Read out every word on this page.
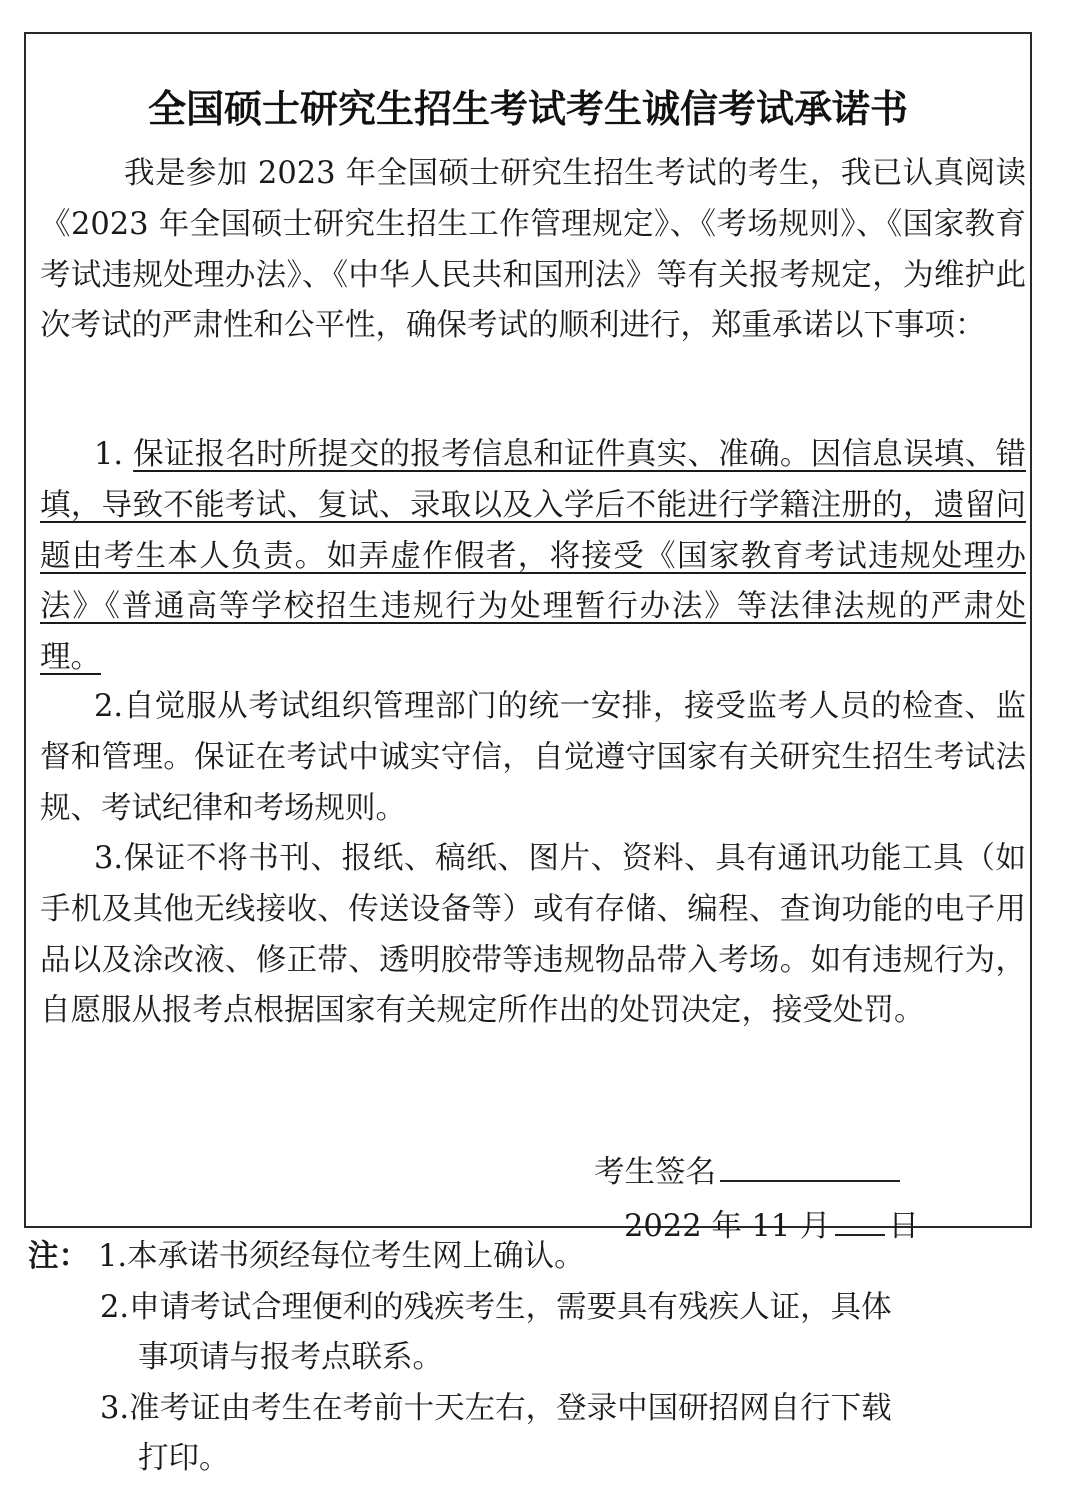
全国硕士研究生招生考试考生诚信考试承诺书

我是参加 2023 年全国硕士研究生招生考试的考生，我已认真阅读《2023 年全国硕士研究生招生工作管理规定》、《考场规则》、《国家教育考试违规处理办法》、《中华人民共和国刑法》等有关报考规定，为维护此次考试的严肃性和公平性，确保考试的顺利进行，郑重承诺以下事项：

1. 保证报名时所提交的报考信息和证件真实、准确。因信息误填、错填，导致不能考试、复试、录取以及入学后不能进行学籍注册的，遗留问题由考生本人负责。如弄虚作假者，将接受《国家教育考试违规处理办法》《普通高等学校招生违规行为处理暂行办法》等法律法规的严肃处理。

2.自觉服从考试组织管理部门的统一安排，接受监考人员的检查、监督和管理。保证在考试中诚实守信，自觉遵守国家有关研究生招生考试法规、考试纪律和考场规则。

3.保证不将书刊、报纸、稿纸、图片、资料、具有通讯功能工具（如手机及其他无线接收、传送设备等）或有存储、编程、查询功能的电子用品以及涂改液、修正带、透明胶带等违规物品带入考场。如有违规行为，自愿服从报考点根据国家有关规定所作出的处罚决定，接受处罚。

考生签名
2022 年 11 月 日
注： 1.本承诺书须经每位考生网上确认。
2.申请考试合理便利的残疾考生，需要具有残疾人证，具体
事项请与报考点联系。
3.准考证由考生在考前十天左右，登录中国研招网自行下载
打印。
